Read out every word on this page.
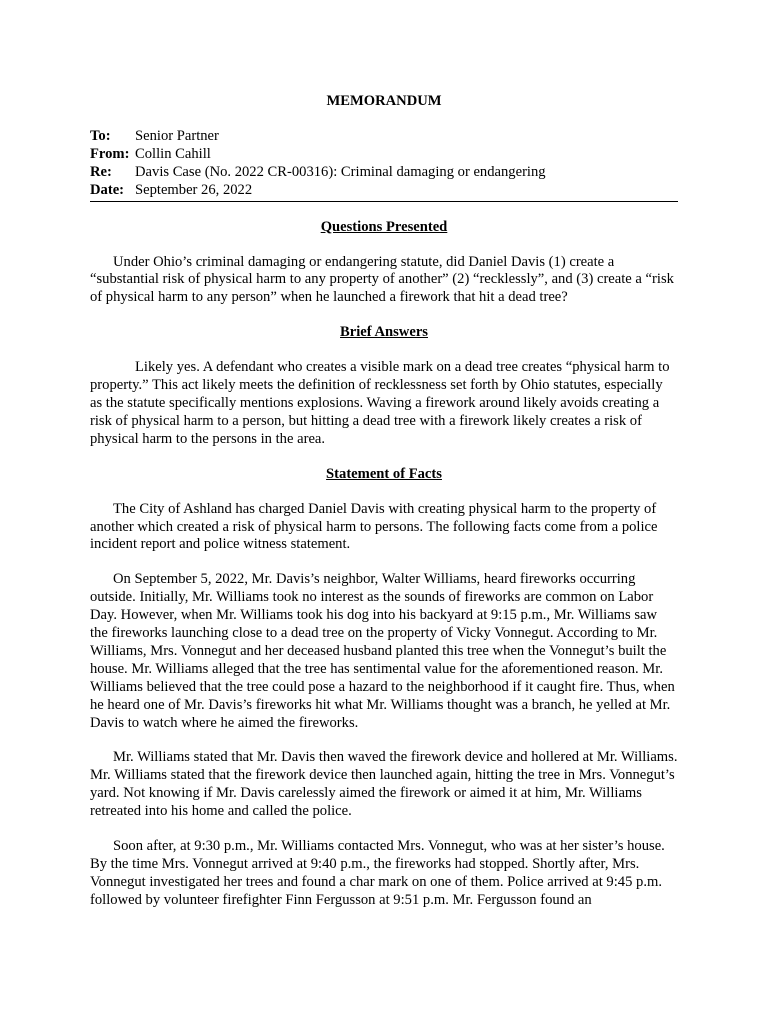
MEMORANDUM

To:	Senior Partner
From: Collin Cahill
Re:	Davis Case (No. 2022 CR-00316): Criminal damaging or endangering
Date: September 26, 2022
Questions Presented

Under Ohio’s criminal damaging or endangering statute, did Daniel Davis (1) create a “substantial risk of physical harm to any property of another” (2) “recklessly”, and (3) create a “risk of physical harm to any person” when he launched a firework that hit a dead tree?

Brief Answers

Likely yes. A defendant who creates a visible mark on a dead tree creates “physical harm to property.” This act likely meets the definition of recklessness set forth by Ohio statutes, especially as the statute specifically mentions explosions. Waving a firework around likely avoids creating a risk of physical harm to a person, but hitting a dead tree with a firework likely creates a risk of physical harm to the persons in the area.

Statement of Facts

The City of Ashland has charged Daniel Davis with creating physical harm to the property of another which created a risk of physical harm to persons. The following facts come from a police incident report and police witness statement.

On September 5, 2022, Mr. Davis’s neighbor, Walter Williams, heard fireworks occurring outside. Initially, Mr. Williams took no interest as the sounds of fireworks are common on Labor Day. However, when Mr. Williams took his dog into his backyard at 9:15 p.m., Mr. Williams saw the fireworks launching close to a dead tree on the property of Vicky Vonnegut. According to Mr. Williams, Mrs. Vonnegut and her deceased husband planted this tree when the Vonnegut’s built the house. Mr. Williams alleged that the tree has sentimental value for the aforementioned reason. Mr. Williams believed that the tree could pose a hazard to the neighborhood if it caught fire. Thus, when he heard one of Mr. Davis’s fireworks hit what Mr. Williams thought was a branch, he yelled at Mr. Davis to watch where he aimed the fireworks.

Mr. Williams stated that Mr. Davis then waved the firework device and hollered at Mr. Williams. Mr. Williams stated that the firework device then launched again, hitting the tree in Mrs. Vonnegut’s yard. Not knowing if Mr. Davis carelessly aimed the firework or aimed it at him, Mr. Williams retreated into his home and called the police.

Soon after, at 9:30 p.m., Mr. Williams contacted Mrs. Vonnegut, who was at her sister’s house. By the time Mrs. Vonnegut arrived at 9:40 p.m., the fireworks had stopped. Shortly after, Mrs. Vonnegut investigated her trees and found a char mark on one of them. Police arrived at 9:45 p.m. followed by volunteer firefighter Finn Fergusson at 9:51 p.m. Mr. Fergusson found an
